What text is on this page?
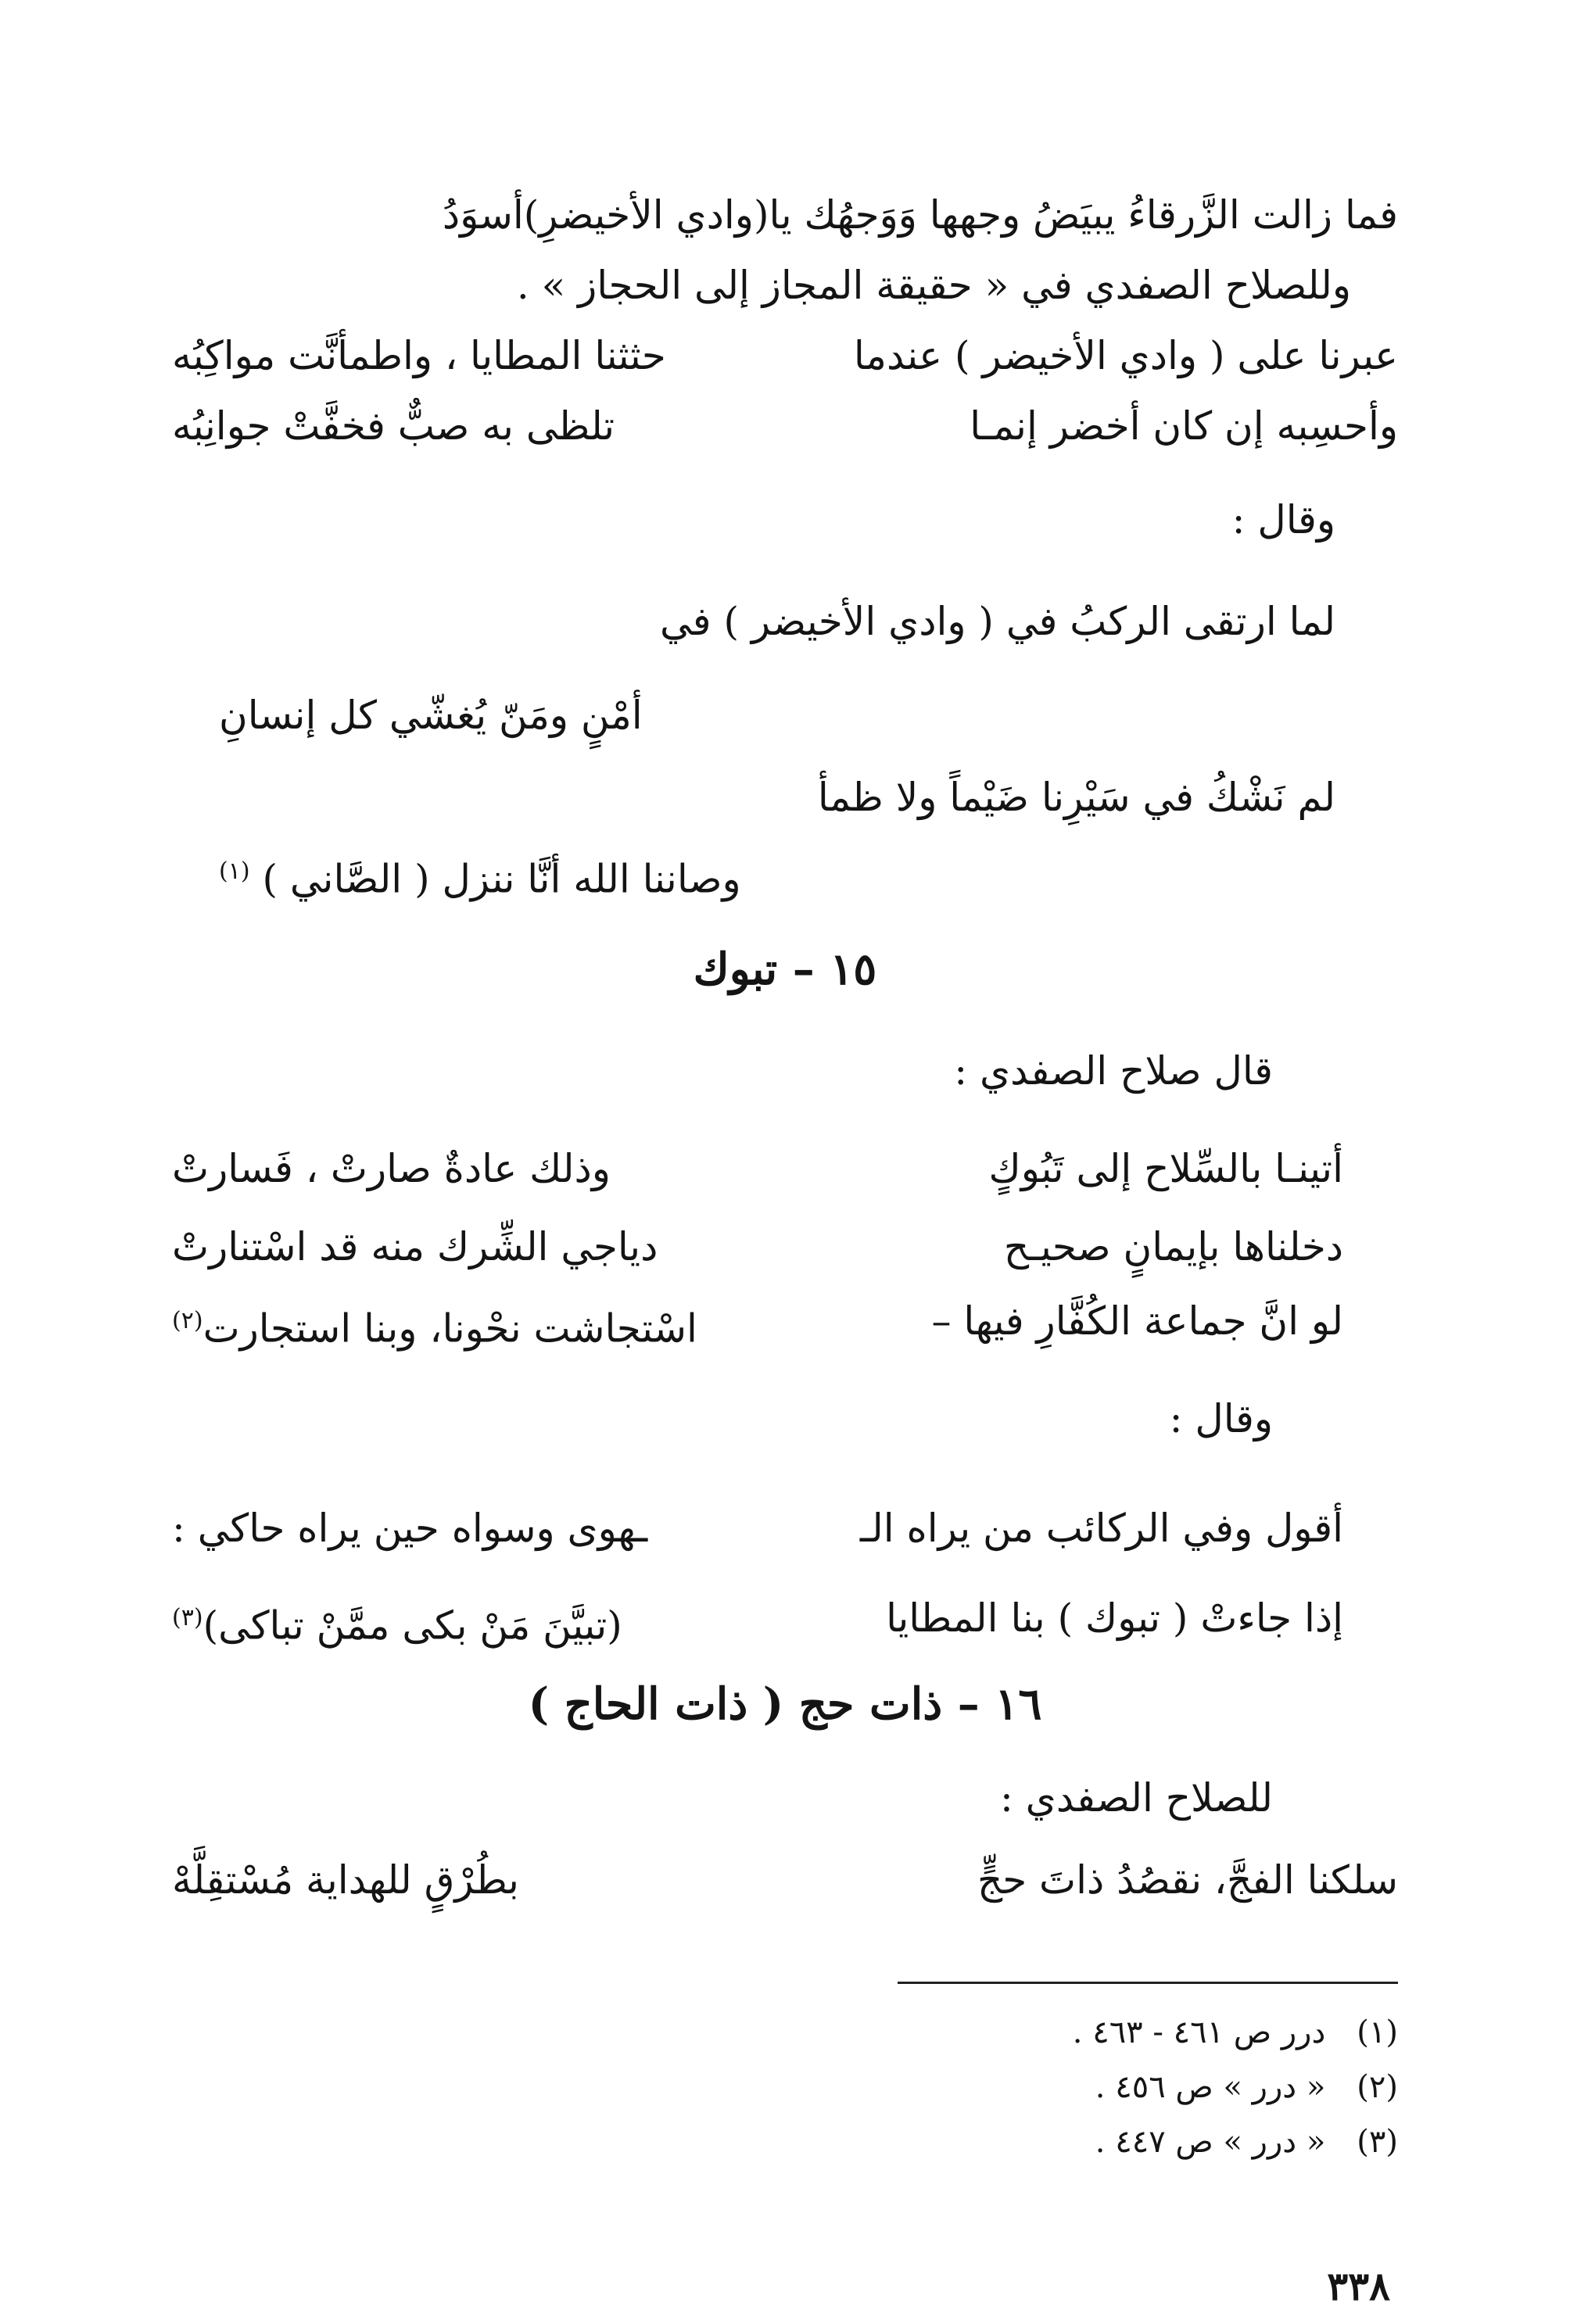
فما زالت الزَّرقاءُ يبيَضُ وجهها وَوَجهُك يا(وادي الأخيضرِ)أسوَدُ
وللصلاح الصفدي في « حقيقة المجاز إلى الحجاز » .
عبرنا على ( وادي الأخيضر ) عندما
حثثنا المطايا ، واطمأنَّت مواكِبُه
وأحسِبه إن كان أخضر إنمـا
تلظى به صبٌّ فخفَّتْ جوانِبُه
وقال :
لما ارتقى الركبُ في ( وادي الأخيضر ) في
أمْنٍ ومَنّ يُغشّي كل إنسانِ
لم نَشْكُ في سَيْرِنا ضَيْماً ولا ظمأ
وصاننا الله أنَّا ننزل ( الصَّاني ) $^{(١)}$
١٥ – تبوك
قال صلاح الصفدي :
أتينـا بالسِّلاح إلى تَبُوكٍ
وذلك عادةٌ صارتْ ، فَسارتْ
دخلناها بإيمانٍ صحيـح
دياجي الشِّرك منه قد اسْتنارتْ
لو انَّ جماعة الكُفَّارِ فيها –
اسْتجاشت نحْونا، وبنا استجارت$^{(٢)}$
وقال :
أقول وفي الركائب من يراه الـ
ـهوى وسواه حين يراه حاكي :
إذا جاءتْ ( تبوك ) بنا المطايا
(تبيَّنَ مَنْ بكى ممَّنْ تباكى)$^{(٣)}$
١٦ – ذات حج ( ذات الحاج )
للصلاح الصفدي :
سلكنا الفجَّ، نقصُدُ ذاتَ حجٍّ
بطُرْقٍ للهداية مُسْتقِلَّهْ
(١)درر ص ٤٦١ - ٤٦٣ .
(٢)« درر » ص ٤٥٦ .
(٣)« درر » ص ٤٤٧ .
٣٣٨
